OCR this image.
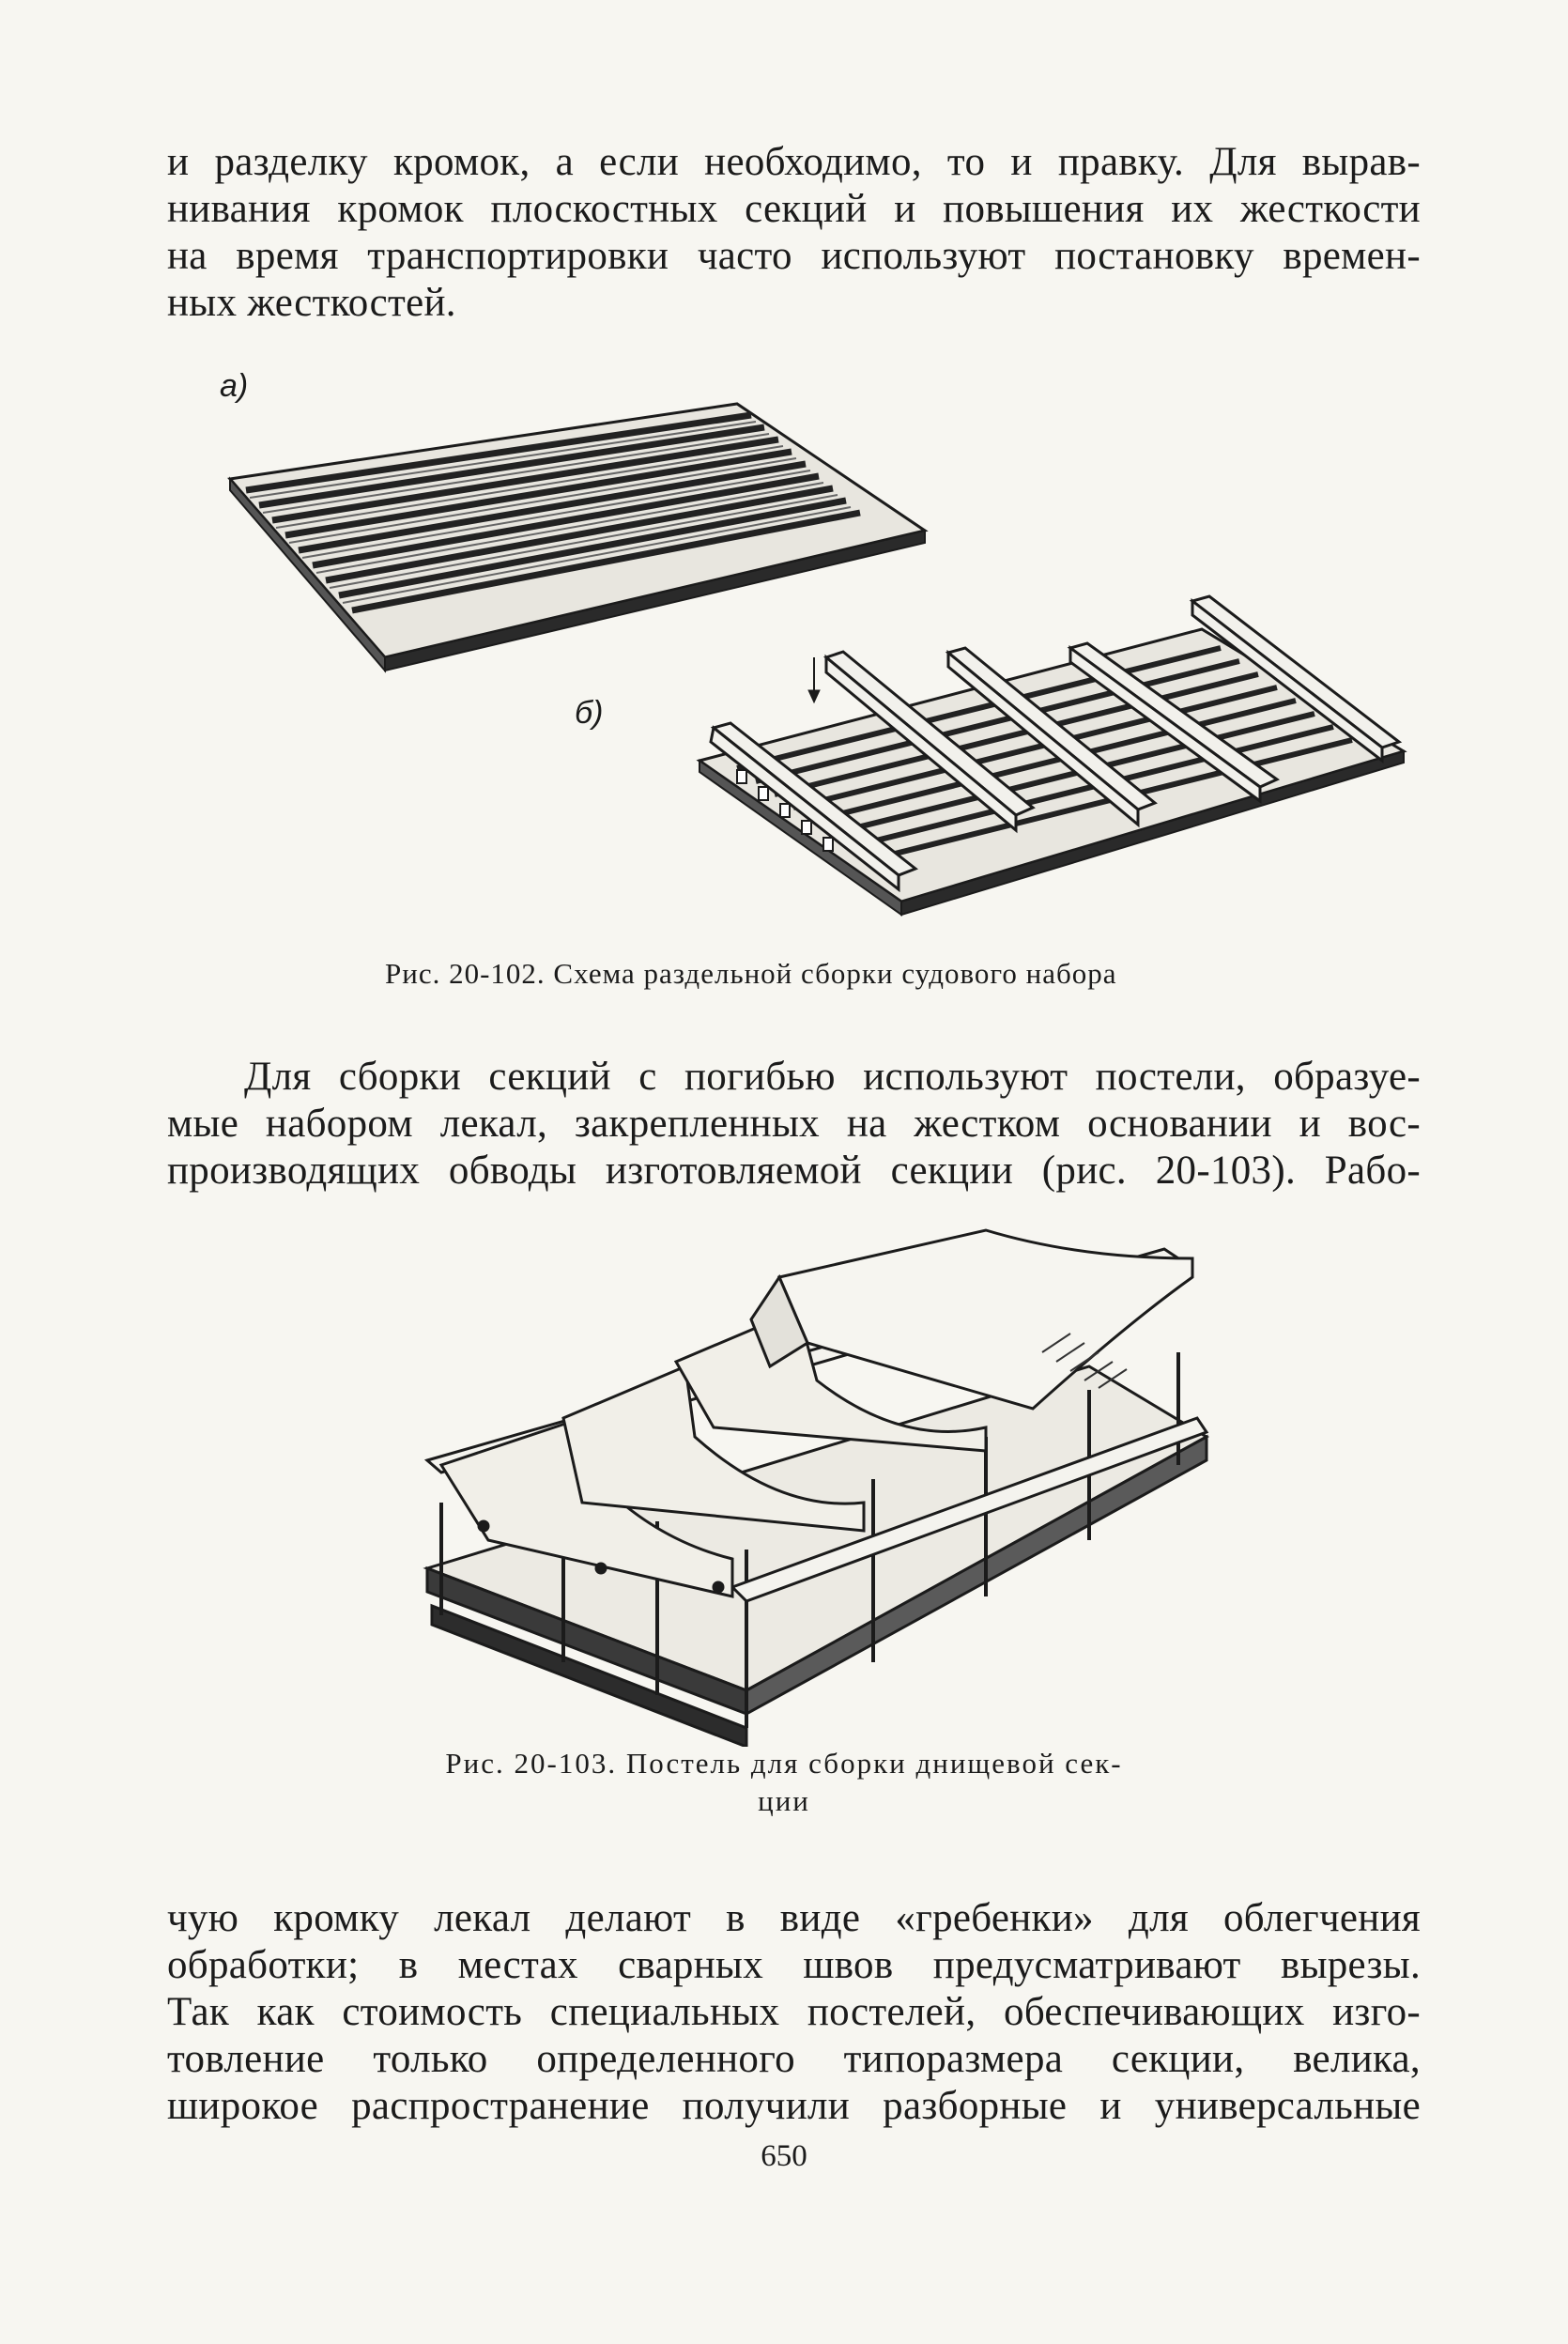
и разделку кромок, а если необходимо, то и правку. Для вырав-
нивания кромок плоскостных секций и повышения их жесткости
на время транспортировки часто используют постановку времен-
ных жесткостей.
а)
б)
Рис. 20-102. Схема раздельной сборки судового набора
Для сборки секций с погибью используют постели, образуе-
мые набором лекал, закрепленных на жестком основании и вос-
производящих обводы изготовляемой секции (рис. 20-103). Рабо-
Рис. 20-103. Постель для сборки днищевой сек-
ции
чую кромку лекал делают в виде «гребенки» для облегчения
обработки; в местах сварных швов предусматривают вырезы.
Так как стоимость специальных постелей, обеспечивающих изго-
товление только определенного типоразмера секции, велика,
широкое распространение получили разборные и универсальные
650
